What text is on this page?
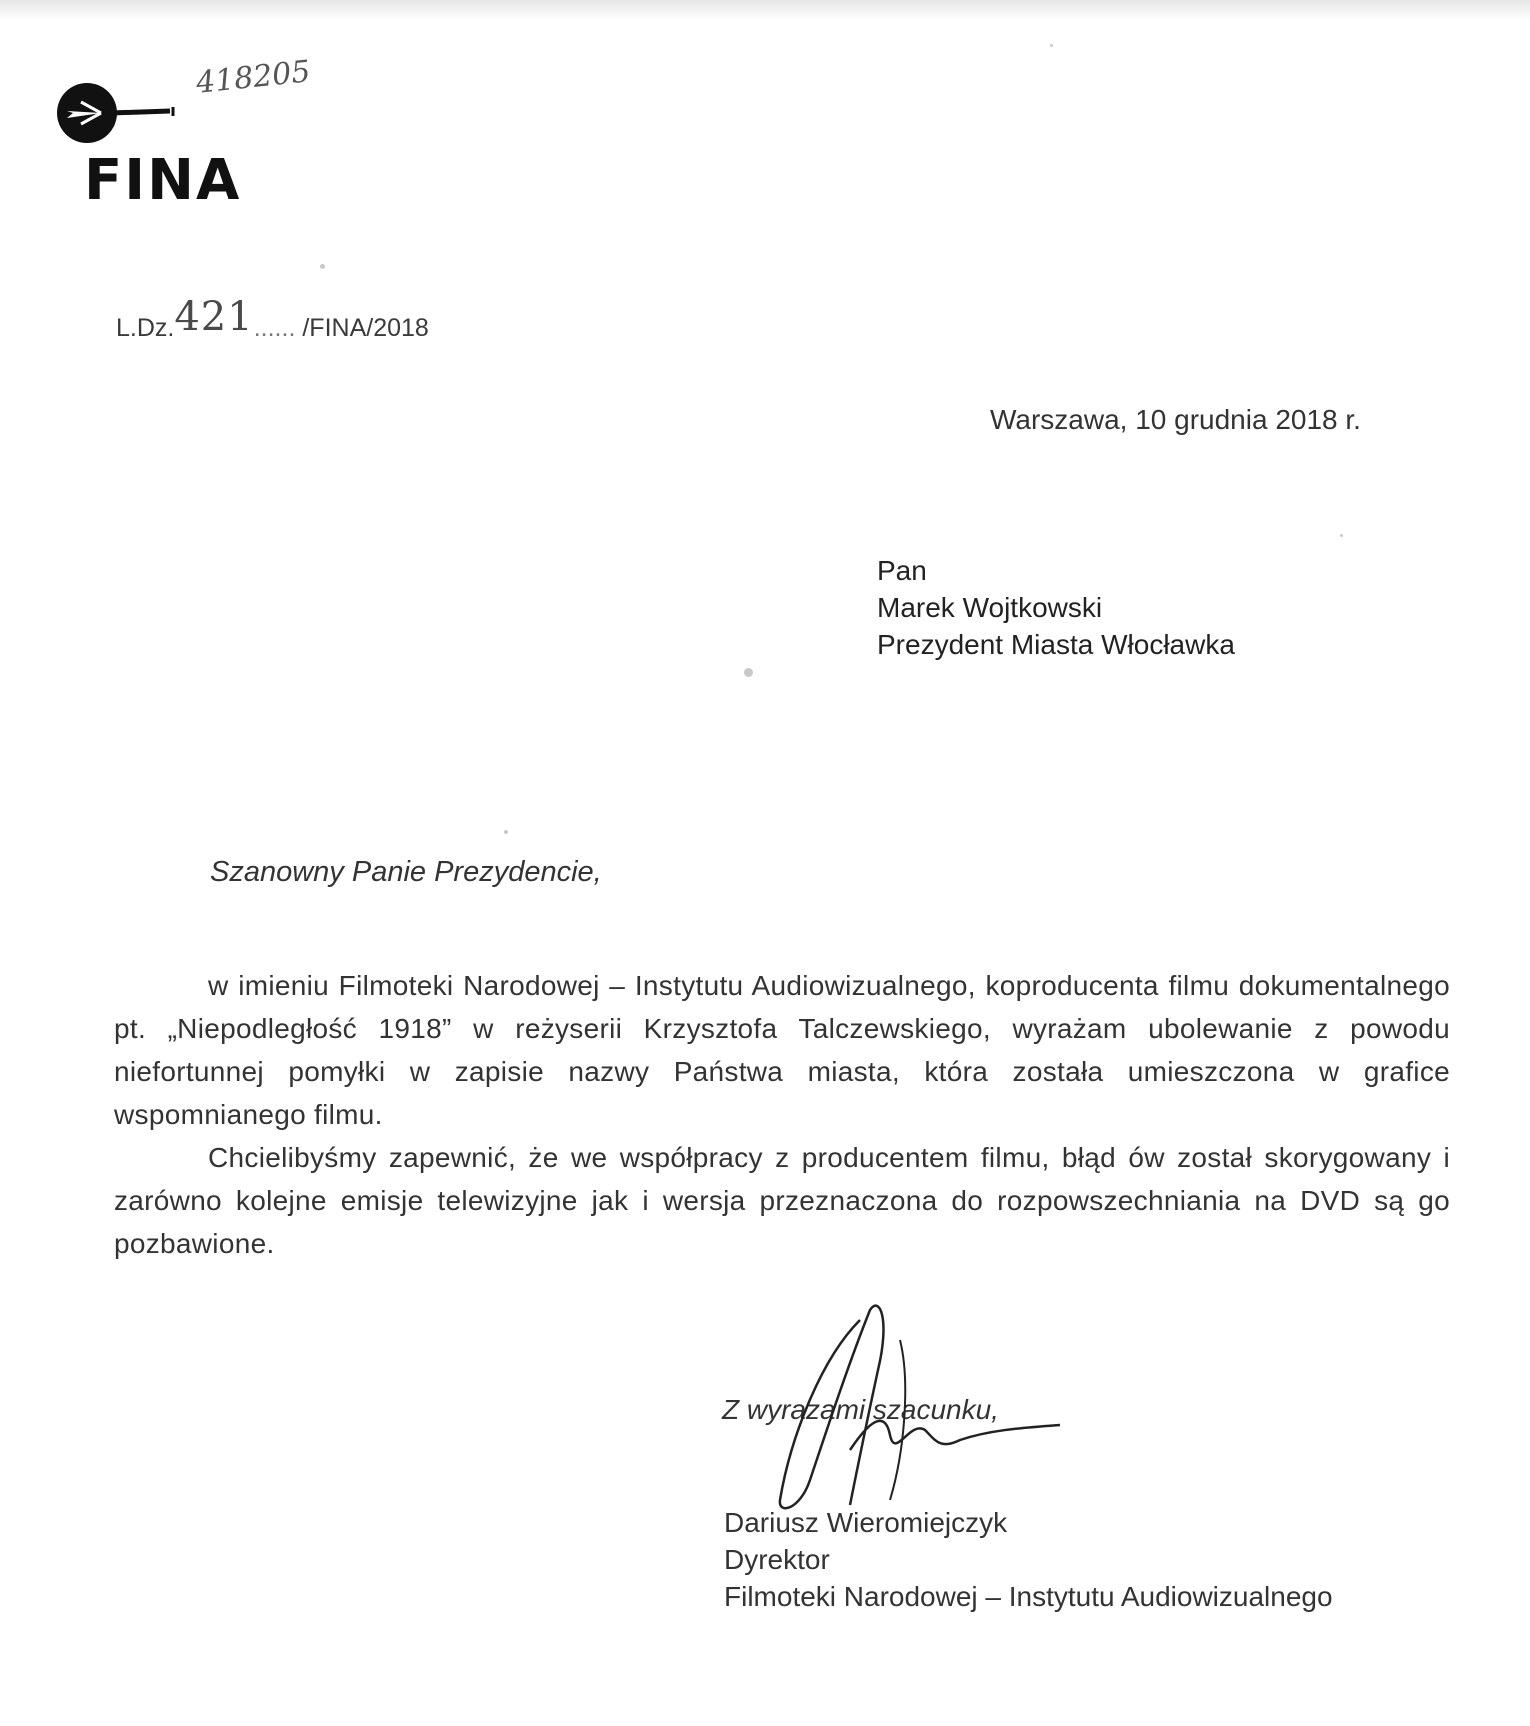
FINA
418205
L.Dz.421...... /FINA/2018
Warszawa, 10 grudnia 2018 r.
Pan
Marek Wojtkowski
Prezydent Miasta Włocławka
Szanowny Panie Prezydencie,

w imieniu Filmoteki Narodowej – Instytutu Audiowizualnego, koproducenta filmu dokumentalnego pt. „Niepodległość 1918” w reżyserii Krzysztofa Talczewskiego, wyrażam ubolewanie z powodu niefortunnej pomyłki w zapisie nazwy Państwa miasta, która została umieszczona w grafice wspomnianego filmu.

Chcielibyśmy zapewnić, że we współpracy z producentem filmu, błąd ów został skorygowany i zarówno kolejne emisje telewizyjne jak i wersja przeznaczona do rozpowszechniania na DVD są go pozbawione.

Z wyrazami szacunku,
Dariusz Wieromiejczyk
Dyrektor
Filmoteki Narodowej – Instytutu Audiowizualnego
